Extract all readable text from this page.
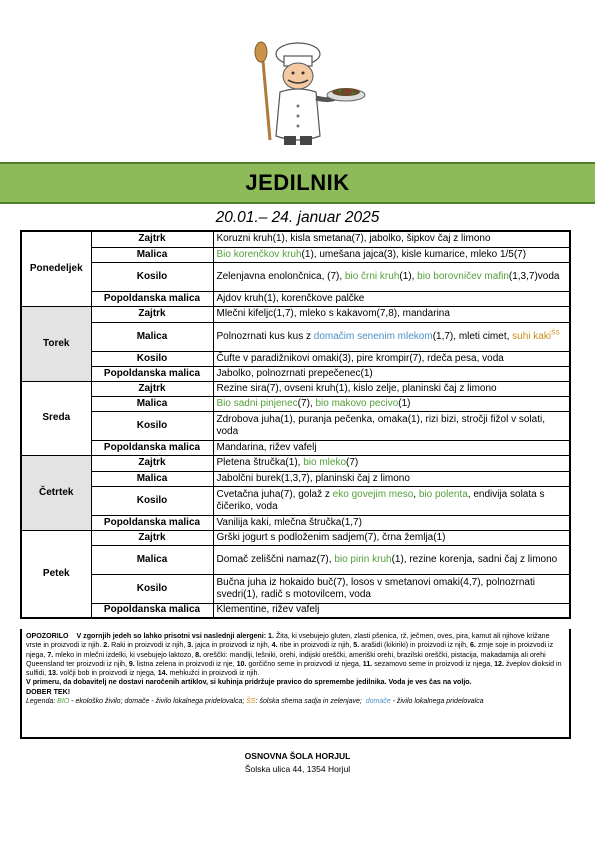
JEDILNIK
20.01.– 24. januar 2025
Ponedeljek	Zajtrk	Koruzni kruh(1), kisla smetana(7), jabolko, šipkov čaj z limono
	Malica	Bio korenčkov kruh(1), umešana jajca(3), kisle kumarice, mleko 1/5(7)
	Kosilo	Zelenjavna enolončnica, (7), bio črni kruh(1), bio borovničev mafin(1,3,7)voda
	Popoldanska malica	Ajdov kruh(1), korenčkove palčke
Torek	Zajtrk	Mlečni kifeljc(1,7), mleko s kakavom(7,8), mandarina
	Malica	Polnozrnati kus kus z domačim senenim mlekom(1,7), mleti cimet, suhi kaki$^{ŠS}$
	Kosilo	Čufte v paradižnikovi omaki(3), pire krompir(7), rdeča pesa, voda
	Popoldanska malica	Jabolko, polnozrnati prepečenec(1)
Sreda	Zajtrk	Rezine sira(7), ovseni kruh(1), kislo zelje, planinski čaj z limono
	Malica	Bio sadni pinjenec(7), bio makovo pecivo(1)
	Kosilo	Zdrobova juha(1), puranja pečenka, omaka(1), rizi bizi, stročji fižol v solati, voda
	Popoldanska malica	Mandarina, rižev vafelj
Četrtek	Zajtrk	Pletena štručka(1), bio mleko(7)
	Malica	Jabolčni burek(1,3,7), planinski čaj z limono
	Kosilo	Cvetačna juha(7), golaž z eko govejim meso, bio polenta, endivija solata s čičeriko, voda
	Popoldanska malica	Vanilija kaki, mlečna štručka(1,7)
Petek	Zajtrk	Grški jogurt s podloženim sadjem(7), črna žemlja(1)
	Malica	Domač zeliščni namaz(7), bio pirin kruh(1), rezine korenja, sadni čaj z limono
	Kosilo	Bučna juha iz hokaido buč(7), losos v smetanovi omaki(4,7), polnozrnati svedri(1), radič s motovilcem, voda
	Popoldanska malica	Klementine, rižev vafelj
OPOZORILO V zgornjih jedeh so lahko prisotni vsi naslednji alergeni: 1. Žita, ki vsebujejo gluten, zlasti pšenica, rž, ječmen, oves, pira, kamut ali njihove križane vrste in proizvodi iz njih. 2. Raki in proizvodi iz njih, 3. jajca in proizvodi iz njih, 4. ribe in proizvodi iz njih, 5. arašidi (kikiriki) in proizvodi iz njih, 6. zrnje soje in proizvodi iz njega, 7. mleko in mlečni izdelki, ki vsebujejo laktozo, 8. oreščki: mandlji, lešniki, orehi, indijski oreščki, ameriški orehi, brazilski oreščki, pistacija, makadamija ali orehi Queensland ter proizvodi iz njih, 9. listna zelena in proizvodi iz nje, 10. gorčično seme in proizvodi iz njega, 11. sezamovo seme in proizvodi iz njega, 12. žveplov dioksid in sulfidi, 13. volčji bob in proizvodi iz njega, 14. mehkužci in proizvodi iz njih.
V primeru, da dobavitelj ne dostavi naročenih artiklov, si kuhinja pridržuje pravico do spremembe jedilnika. Voda je ves čas na voljo.
DOBER TEK!
Legenda: BIO - ekološko živilo; domače - živilo lokalnega pridelovalca; ŠS: šolska shema sadja in zelenjave; domače - živilo lokalnega pridelovalca
OSNOVNA ŠOLA HORJUL
Šolska ulica 44, 1354 Horjul
